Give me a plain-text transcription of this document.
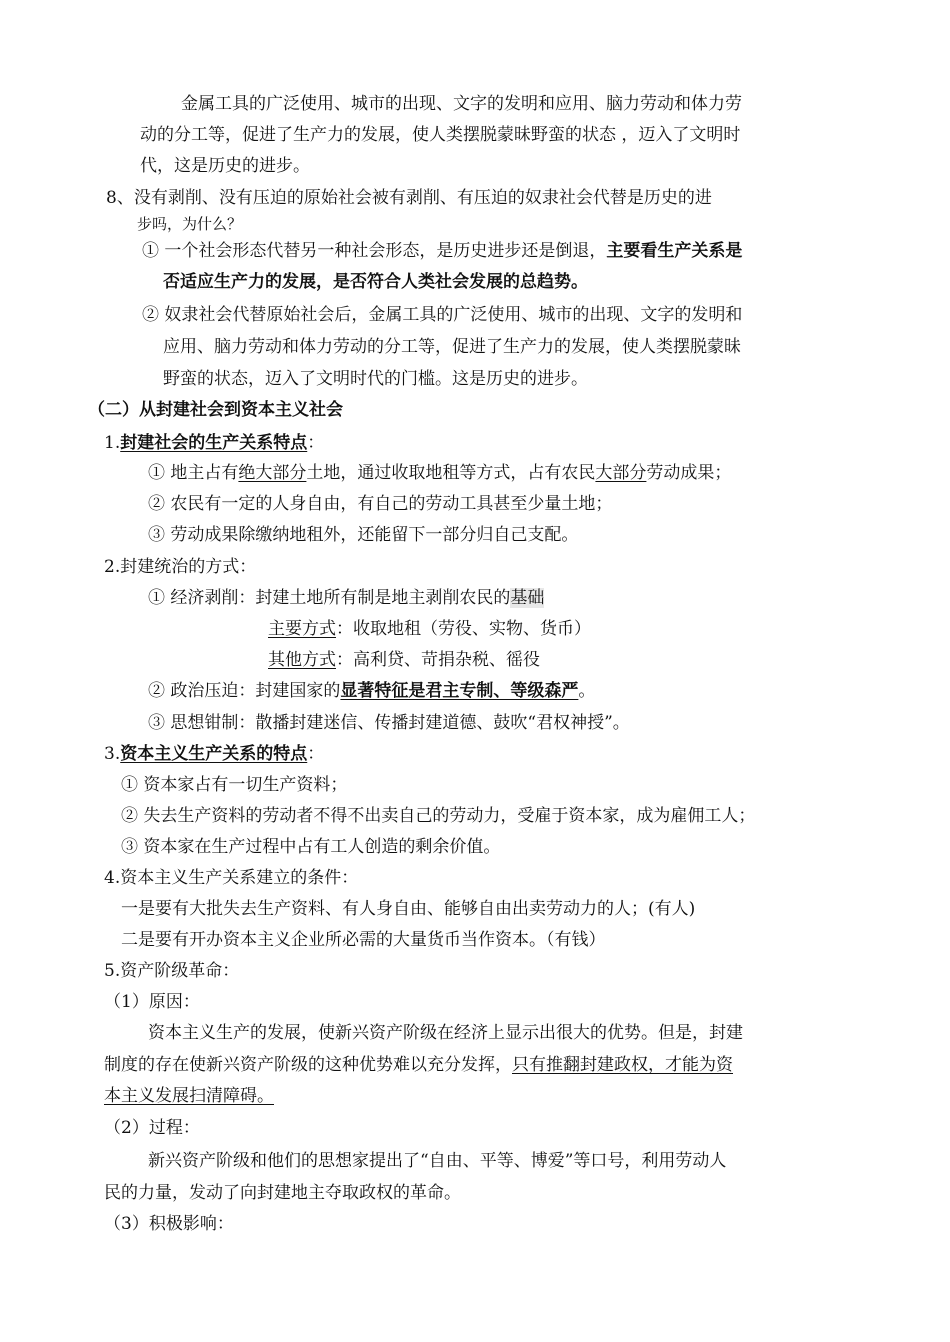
金属工具的广泛使用、城市的出现、文字的发明和应用、脑力劳动和体力劳
动的分工等，促进了生产力的发展，使人类摆脱蒙昧野蛮的状态 ，迈入了文明时
代，这是历史的进步。
8、没有剥削、没有压迫的原始社会被有剥削、有压迫的奴隶社会代替是历史的进
步吗，为什么？
① 一个社会形态代替另一种社会形态，是历史进步还是倒退，主要看生产关系是
否适应生产力的发展，是否符合人类社会发展的总趋势。
② 奴隶社会代替原始社会后，金属工具的广泛使用、城市的出现、文字的发明和
应用、脑力劳动和体力劳动的分工等，促进了生产力的发展，使人类摆脱蒙昧
野蛮的状态，迈入了文明时代的门槛。这是历史的进步。
（二）从封建社会到资本主义社会
1.封建社会的生产关系特点：
① 地主占有绝大部分土地，通过收取地租等方式，占有农民大部分劳动成果；
② 农民有一定的人身自由，有自己的劳动工具甚至少量土地；
③ 劳动成果除缴纳地租外，还能留下一部分归自己支配。
2.封建统治的方式：
① 经济剥削：封建土地所有制是地主剥削农民的基础
主要方式：收取地租（劳役、实物、货币）
其他方式：高利贷、苛捐杂税、徭役
② 政治压迫：封建国家的显著特征是君主专制、等级森严。
③ 思想钳制：散播封建迷信、传播封建道德、鼓吹“君权神授”。
3.资本主义生产关系的特点：
① 资本家占有一切生产资料；
② 失去生产资料的劳动者不得不出卖自己的劳动力，受雇于资本家，成为雇佣工人；
③ 资本家在生产过程中占有工人创造的剩余价值。
4.资本主义生产关系建立的条件：
一是要有大批失去生产资料、有人身自由、能够自由出卖劳动力的人；(有人)
二是要有开办资本主义企业所必需的大量货币当作资本。（有钱）
5.资产阶级革命：
（1）原因：
资本主义生产的发展，使新兴资产阶级在经济上显示出很大的优势。但是，封建
制度的存在使新兴资产阶级的这种优势难以充分发挥，只有推翻封建政权，才能为资
本主义发展扫清障碍。
（2）过程：
新兴资产阶级和他们的思想家提出了“自由、平等、博爱”等口号，利用劳动人
民的力量，发动了向封建地主夺取政权的革命。
（3）积极影响：
